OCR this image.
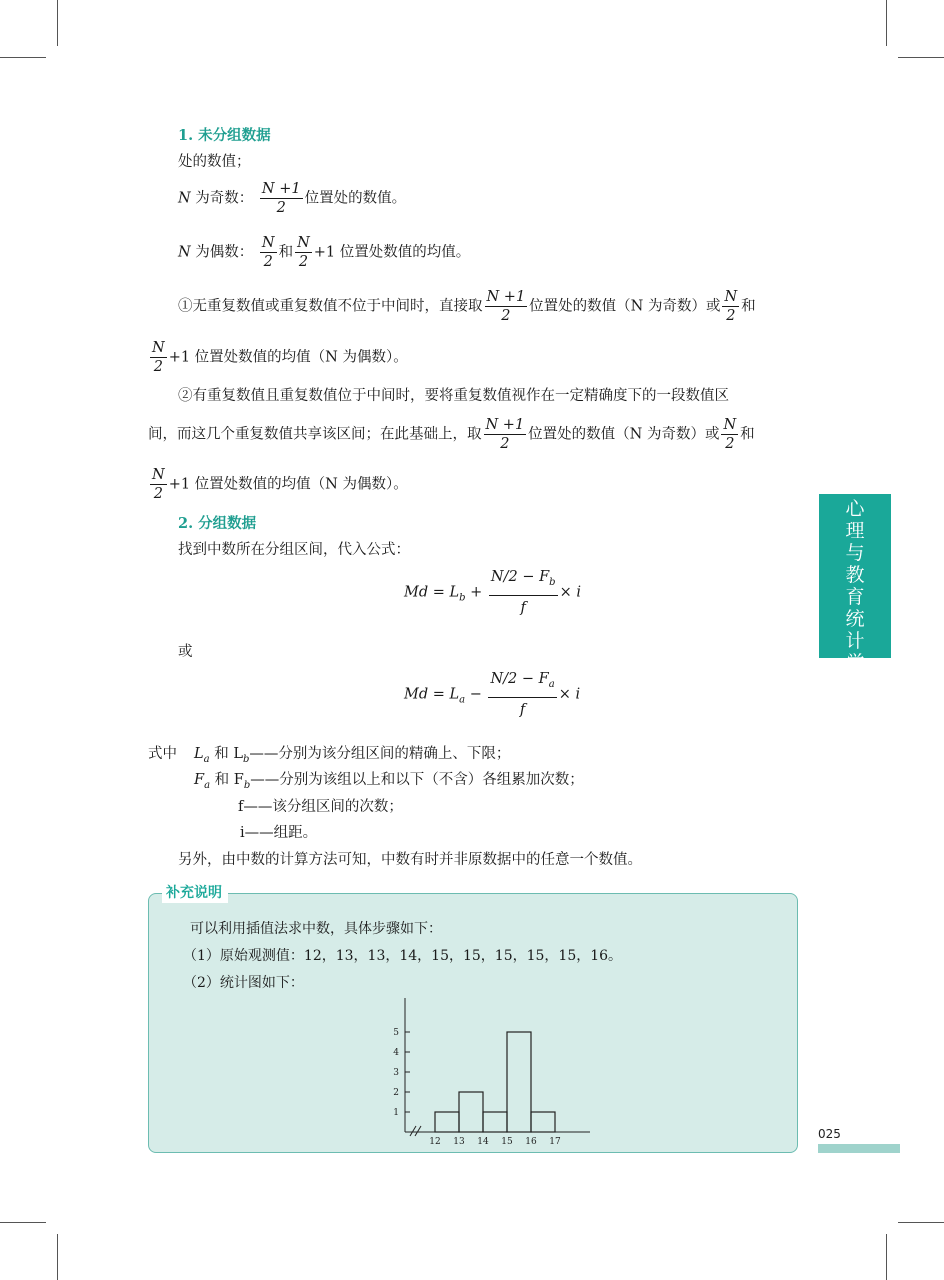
1. 未分组数据
处的数值；
N 为奇数： $\frac{N +1}{2}$ 位置处的数值。
N 为偶数： $\frac{N}{2}$ 和 $\frac{N}{2} +1$ 位置处数值的均值。
①无重复数值或重复数值不位于中间时，直接取 $\frac{N +1}{2}$ 位置处的数值（N 为奇数）或 $\frac{N}{2}$ 和
$\frac{N}{2} +1$ 位置处数值的均值（N 为偶数）。
②有重复数值且重复数值位于中间时，要将重复数值视作在一定精确度下的一段数值区
间，而这几个重复数值共享该区间；在此基础上，取 $\frac{N +1}{2}$ 位置处的数值（N 为奇数）或 $\frac{N}{2}$ 和
$\frac{N}{2} +1$ 位置处数值的均值（N 为偶数）。
2. 分组数据
找到中数所在分组区间，代入公式：
$Md = L_b + \frac{N/2 - F_b}{f} \times i$
或
$Md = L_a - \frac{N/2 - F_a}{f} \times i$
式中 $L_a$ 和 $L_b——$分别为该分组区间的精确上、下限；
$F_a$ 和 $F_b——$分别为该组以上和以下（不含）各组累加次数；
f——该分组区间的次数；
i——组距。
另外，由中数的计算方法可知，中数有时并非原数据中的任意一个数值。
心
理
与
教
育
统
计
学
补充说明
可以利用插值法求中数，具体步骤如下：
（1）原始观测值：12，13，13，14，15，15，15，15，15，16。
（2）统计图如下：
1
2
3
4
5
12 13 14 15 16 17
025
